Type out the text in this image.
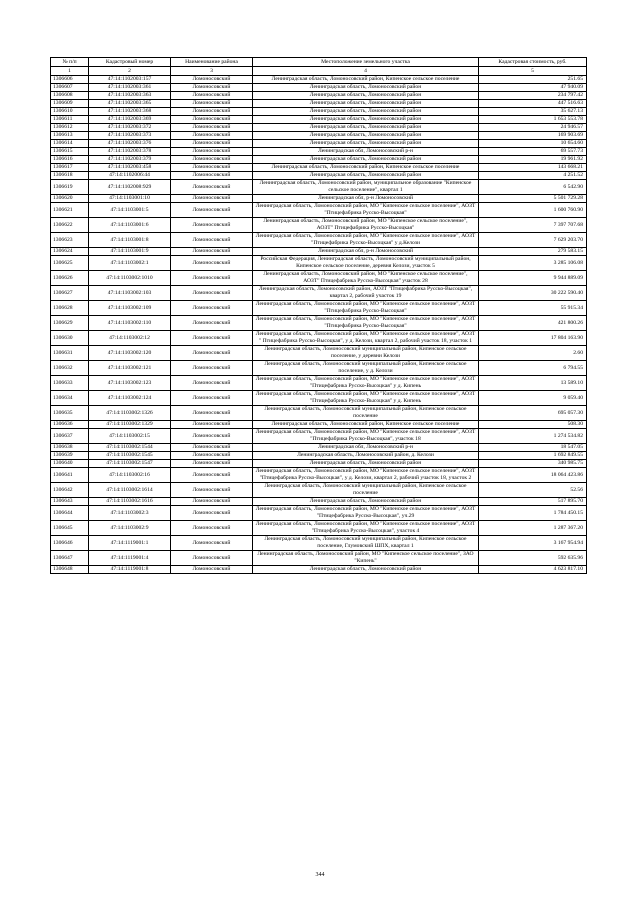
№ п/п	Кадастровый номер	Наименование района	Местоположение земельного участка	Кадастровая стоимость, руб.
1	2	3	4	5
1306606	47:14:1102003:157	Ломоносовский	Ленинградская область, Ломоносовский район, Кипенское сельское поселение	251.65
1306607	47:14:1102003:361	Ломоносовский	Ленинградская область, Ломоносовский район	47 940.09
1306608	47:14:1102003:363	Ломоносовский	Ленинградская область, Ломоносовский район	234 797.42
1306609	47:14:1102003:365	Ломоносовский	Ленинградская область, Ломоносовский район	447 516.63
1306610	47:14:1102003:368	Ломоносовский	Ленинградская область, Ломоносовский район	35 627.13
1306611	47:14:1102003:369	Ломоносовский	Ленинградская область, Ломоносовский район	1 653 553.78
1306612	47:14:1102003:372	Ломоносовский	Ленинградская область, Ломоносовский район	24 946.57
1306613	47:14:1102003:373	Ломоносовский	Ленинградская область, Ломоносовский район	169 903.69
1306614	47:14:1102003:376	Ломоносовский	Ленинградская область, Ломоносовский район	10 654.60
1306615	47:14:1102003:378	Ломоносовский	Ленинградская обл, Ломоносовский р-н	69 557.73
1306616	47:14:1102003:379	Ломоносовский	Ленинградская область, Ломоносовский район	19 961.92
1306617	47:14:1102003:458	Ломоносовский	Ленинградская область, Ломоносовский район, Кипенское сельское поселение	143 668.21
1306618	47:14:1102006:44	Ломоносовский	Ленинградская область, Ломоносовский район	4 251.52
1306619	47:14:1102008:929	Ломоносовский	Ленинградская область, Ломоносовский район, муниципальное образование "Кипенское сельское поселение", квартал 1	6 542.90
1306620	47:14:1103001:10	Ломоносовский	Ленинградская обл, р-н Ломоносовский	5 501 729.28
1306621	47:14:1103001:5	Ломоносовский	Ленинградская область, Ломоносовский район, МО "Кипенское сельское поселение", АОЗТ "Птицефабрика Русско-Высоцкая"	1 600 760.90
1306622	47:14:1103001:6	Ломоносовский	Ленинградская область, Ломоносовский район, МО "Кипенское сельское поселение", АОЗТ" Птицефабрика Русско-Высоцкая"	7 397 707.68
1306623	47:14:1103001:8	Ломоносовский	Ленинградская область, Ломоносовский район, МО "Кипенское сельское поселение", АОЗТ "Птицефабрика Русско-Высоцкая" у д.Келози	7 629 203.70
1306624	47:14:1103001:9	Ломоносовский	Ленинградская обл, р-н Ломоносовский	279 583.15
1306625	47:14:1103002:1	Ломоносовский	Российская Федерация, Ленинградская область, Ломоносовский муниципальный район, Кипенское сельское поселение, деревня Келози, участок 5	3 285 106.08
1306626	47:14:1103002:1010	Ломоносовский	Ленинградская область, Ломоносовский район, МО "Кипенское сельское поселение", АОЗТ" Птицефабрика Русско-Высоцкая" участок 28	9 944 889.09
1306627	47:14:1103002:103	Ломоносовский	Ленинградская область, Ломоносовский район, АОЗТ "Птицефабрика Русско-Высоцкая", квартал 2, рабочий участок 19	30 222 590.40
1306628	47:14:1103002:109	Ломоносовский	Ленинградская область, Ломоносовский район, МО "Кипенское сельское поселение", АОЗТ "Птицефабрика Русско-Высоцкая"	55 915.34
1306629	47:14:1103002:110	Ломоносовский	Ленинградская область, Ломоносовский район, МО "Кипенское сельское поселение", АОЗТ "Птицефабрика Русско-Высоцкая"	421 800.26
1306630	47:14:1103002:12	Ломоносовский	Ленинградская область, Ломоносовский район, МО "Кипенское сельское поселение", АОЗТ " Птицефабрика Русско-Высоцкая", у д. Келози, квартал 2, рабочий участок 18, участок 1	17 804 163.90
1306631	47:14:1103002:120	Ломоносовский	Ленинградская область, Ломоносовский муниципальный район, Кипенское сельское поселение, у деревни Келози	2.60
1306632	47:14:1103002:121	Ломоносовский	Ленинградская область, Ломоносовский муниципальный район, Кипенское сельское поселение, у д. Келози	6 794.55
1306633	47:14:1103002:123	Ломоносовский	Ленинградская область, Ломоносовский район, МО "Кипенское сельское поселение", АОЗТ "Птицефабрика Русско-Высоцкая" у д. Кипень	13 589.10
1306634	47:14:1103002:124	Ломоносовский	Ленинградская область, Ломоносовский район, МО "Кипенское сельское поселение", АОЗТ "Птицефабрика Русско-Высоцкая" у д. Кипень	9 059.40
1306635	47:14:1103002:1326	Ломоносовский	Ленинградская область, Ломоносовский муниципальный район, Кипенское сельское поселение	695 057.30
1306636	47:14:1103002:1329	Ломоносовский	Ленинградская область, Ломоносовский район, Кипенское сельское поселение	508.30
1306637	47:14:1103002:15	Ломоносовский	Ленинградская область, Ломоносовский район, МО "Кипенское сельское поселение", АОЗТ "Птицефабрика Русско-Высоцкая", участок 18	1 274 534.82
1306638	47:14:1103002:1544	Ломоносовский	Ленинградская обл, Ломоносовский р-н	18 547.05
1306639	47:14:1103002:1545	Ломоносовский	Ленинградская область, Ломоносовский район, д. Келози	1 692 849.55
1306640	47:14:1103002:1547	Ломоносовский	Ленинградская область, Ломоносовский район	340 985.75
1306641	47:14:1103002:16	Ломоносовский	Ленинградская область, Ломоносовский район, МО "Кипенское сельское поселение", АОЗТ "Птицефабрика Русско-Высоцкая", у д. Келози, квартал 2, рабочий участок 18, участок 2	18 064 423.86
1306642	47:14:1103002:1614	Ломоносовский	Ленинградская область, Ломоносовский муниципальный район, Кипенское сельское поселение	52.56
1306643	47:14:1103002:1616	Ломоносовский	Ленинградская область, Ломоносовский район	517 895.70
1306644	47:14:1103002:3	Ломоносовский	Ленинградская область, Ломоносовский район, МО "Кипенское сельское поселение", АОЗТ "Птицефабрика Русско-Высоцкая", уч.29	1 784 450.15
1306645	47:14:1103002:9	Ломоносовский	Ленинградская область, Ломоносовский район, МО "Кипенское сельское поселение", АОЗТ "Птицефабрика Русско-Высоцкая", участок 4	1 287 367.20
1306646	47:14:1119001:1	Ломоносовский	Ленинградская область, Ломоносовский муниципальный район, Кипенское сельское поселение, Глумовский ШПХ, квартал 1	3 167 954.94
1306647	47:14:1119001:4	Ломоносовский	Ленинградская область, Ломоносовский район, МО "Кипенское сельское поселение", ЗАО "Кипень"	592 635.96
1306648	47:14:1119001:8	Ломоносовский	Ленинградская область, Ломоносовский район	4 623 817.10
344
